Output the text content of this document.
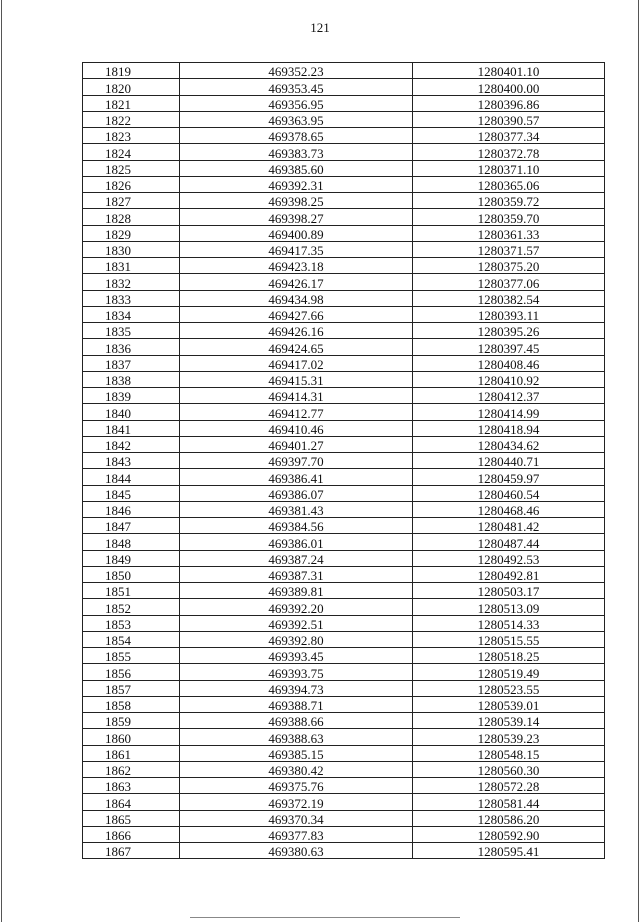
121
1819	469352.23	1280401.10
1820	469353.45	1280400.00
1821	469356.95	1280396.86
1822	469363.95	1280390.57
1823	469378.65	1280377.34
1824	469383.73	1280372.78
1825	469385.60	1280371.10
1826	469392.31	1280365.06
1827	469398.25	1280359.72
1828	469398.27	1280359.70
1829	469400.89	1280361.33
1830	469417.35	1280371.57
1831	469423.18	1280375.20
1832	469426.17	1280377.06
1833	469434.98	1280382.54
1834	469427.66	1280393.11
1835	469426.16	1280395.26
1836	469424.65	1280397.45
1837	469417.02	1280408.46
1838	469415.31	1280410.92
1839	469414.31	1280412.37
1840	469412.77	1280414.99
1841	469410.46	1280418.94
1842	469401.27	1280434.62
1843	469397.70	1280440.71
1844	469386.41	1280459.97
1845	469386.07	1280460.54
1846	469381.43	1280468.46
1847	469384.56	1280481.42
1848	469386.01	1280487.44
1849	469387.24	1280492.53
1850	469387.31	1280492.81
1851	469389.81	1280503.17
1852	469392.20	1280513.09
1853	469392.51	1280514.33
1854	469392.80	1280515.55
1855	469393.45	1280518.25
1856	469393.75	1280519.49
1857	469394.73	1280523.55
1858	469388.71	1280539.01
1859	469388.66	1280539.14
1860	469388.63	1280539.23
1861	469385.15	1280548.15
1862	469380.42	1280560.30
1863	469375.76	1280572.28
1864	469372.19	1280581.44
1865	469370.34	1280586.20
1866	469377.83	1280592.90
1867	469380.63	1280595.41
